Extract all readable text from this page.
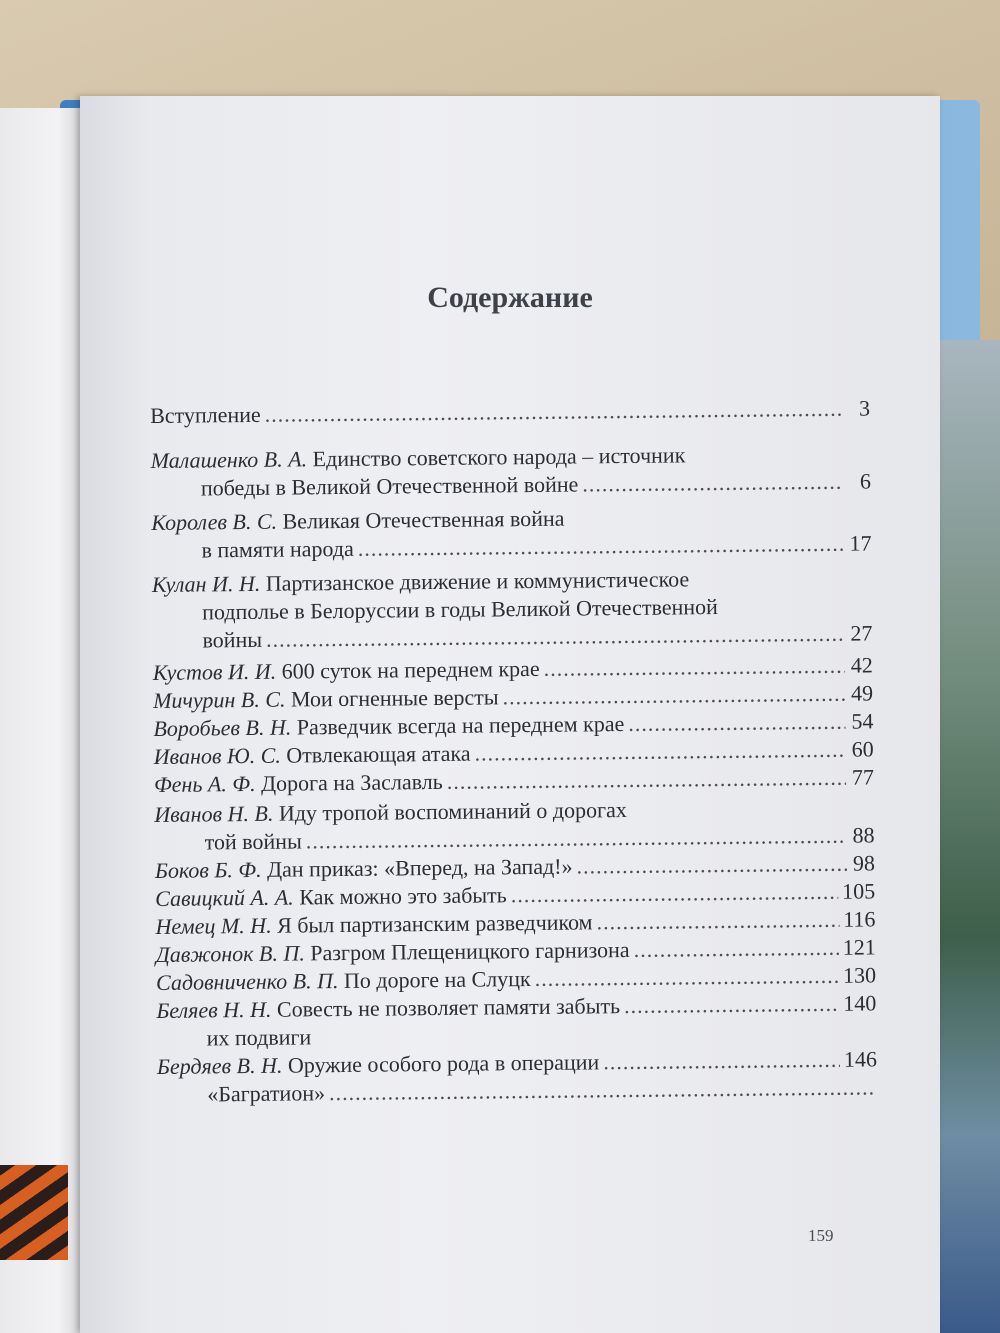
Содержание
Вступление .....	3
Малашенко В. А.
Единство советского народа – источник
победы в Великой Отечественной войне .....	6
Королев В. С.
Великая Отечественная война
в памяти народа .....	17
Кулан И. Н.
Партизанское движение и коммунистическое
подполье в Белоруссии в годы Великой Отечественной
войны .....	27
Кустов И. И.
600 суток на переднем крае .....	42
Мичурин В. С.
Мои огненные версты .....	49
Воробьев В. Н.
Разведчик всегда на переднем крае .....	54
Иванов Ю. С.
Отвлекающая атака .....	60
Фень А. Ф.
Дорога на Заславль .....	77
Иванов Н. В.
Иду тропой воспоминаний о дорогах
той войны .....	88
Боков Б. Ф.
Дан приказ: «Вперед, на Запад!» .....	98
Савицкий А. А.
Как можно это забыть .....	105
Немец М. Н.
Я был партизанским разведчиком .....	116
Давжонок В. П.
Разгром Плещеницкого гарнизона .....	121
Садовниченко В. П.
По дороге на Слуцк .....	130
Беляев Н. Н.
Совесть не позволяет памяти забыть .....	140
их подвиги
Бердяев В. Н.
Оружие особого рода в операции .....	146
«Багратион»
.....
159
